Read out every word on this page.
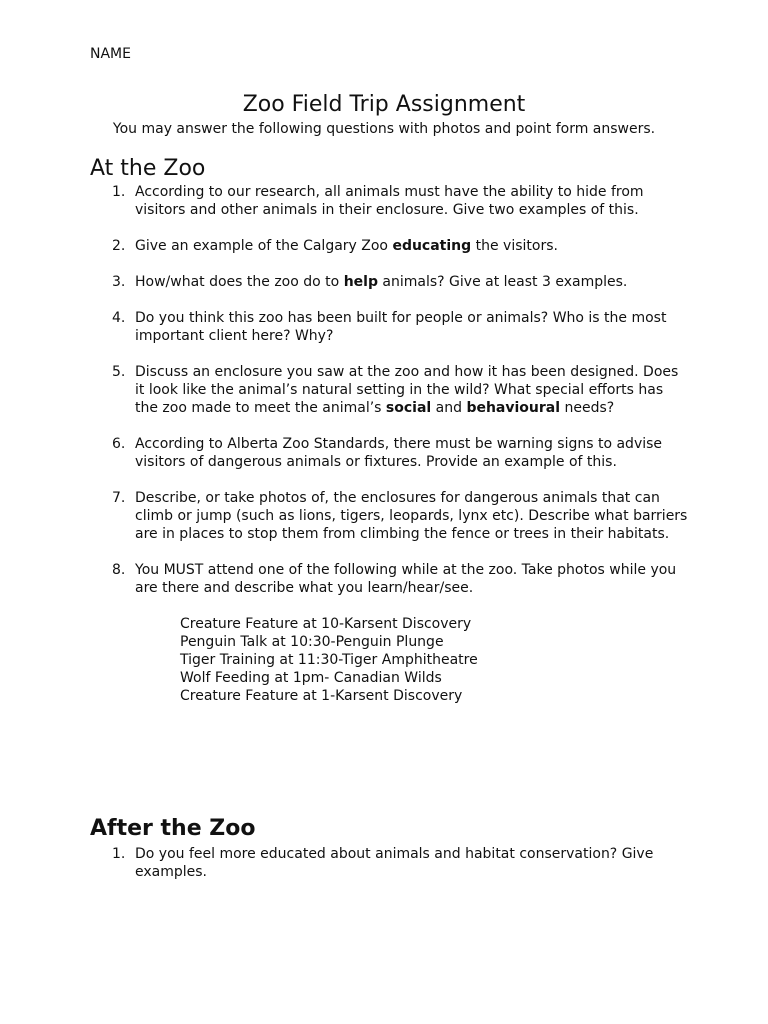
NAME
Zoo Field Trip Assignment
You may answer the following questions with photos and point form answers.
At the Zoo
1. According to our research, all animals must have the ability to hide from visitors and other animals in their enclosure. Give two examples of this.
2. Give an example of the Calgary Zoo educating the visitors.
3. How/what does the zoo do to help animals? Give at least 3 examples.
4. Do you think this zoo has been built for people or animals? Who is the most important client here? Why?
5. Discuss an enclosure you saw at the zoo and how it has been designed. Does it look like the animal’s natural setting in the wild? What special efforts has the zoo made to meet the animal’s social and behavioural needs?
6. According to Alberta Zoo Standards, there must be warning signs to advise visitors of dangerous animals or fixtures. Provide an example of this.
7. Describe, or take photos of, the enclosures for dangerous animals that can climb or jump (such as lions, tigers, leopards, lynx etc). Describe what barriers are in places to stop them from climbing the fence or trees in their habitats.
8. You MUST attend one of the following while at the zoo. Take photos while you are there and describe what you learn/hear/see.
Creature Feature at 10-Karsent Discovery
Penguin Talk at 10:30-Penguin Plunge
Tiger Training at 11:30-Tiger Amphitheatre
Wolf Feeding at 1pm- Canadian Wilds
Creature Feature at 1-Karsent Discovery
After the Zoo
1. Do you feel more educated about animals and habitat conservation? Give examples.
